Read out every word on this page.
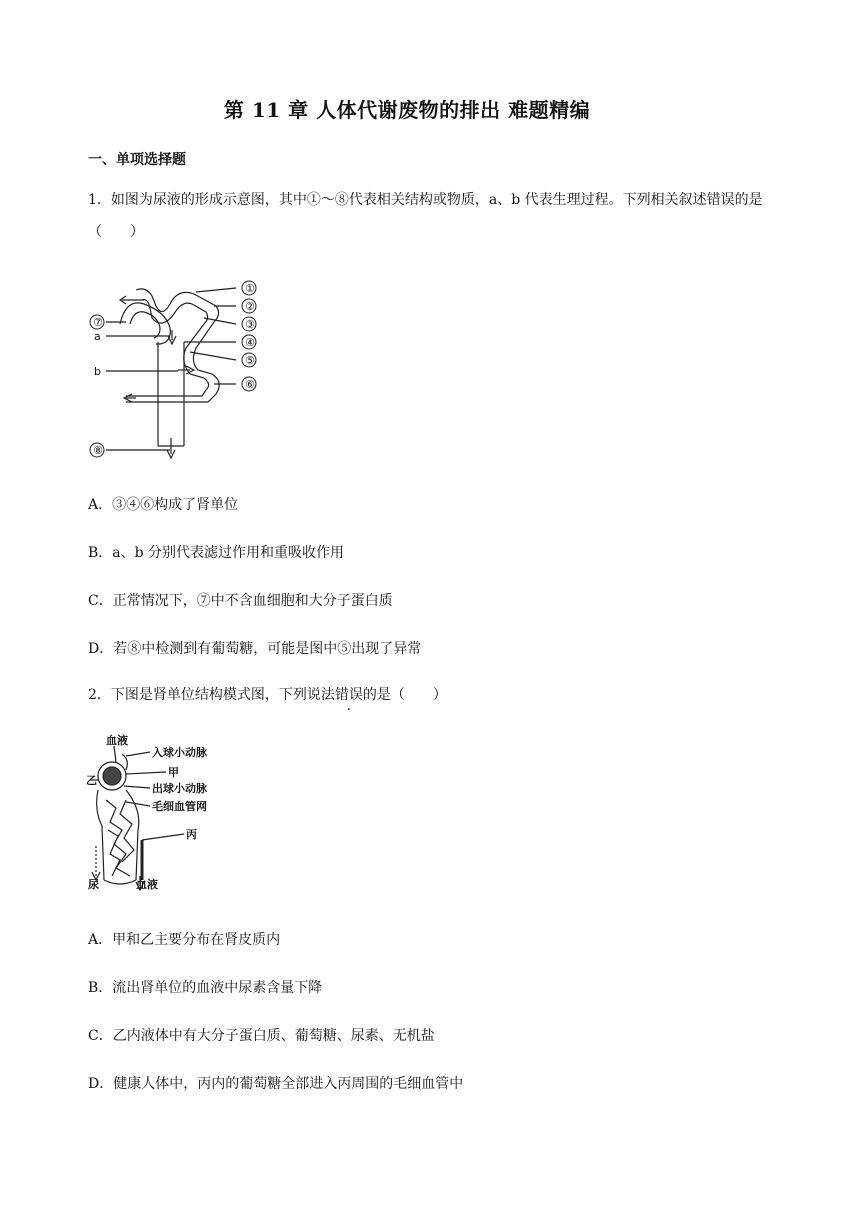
第 11 章 人体代谢废物的排出 难题精编
一、单项选择题
1．如图为尿液的形成示意图，其中①～⑧代表相关结构或物质，a、b 代表生理过程。下列相关叙述错误的是（　　）
①
②
③
④
⑤
⑥
⑦
⑧
a
b
A．③④⑥构成了肾单位
B．a、b 分别代表滤过作用和重吸收作用
C．正常情况下，⑦中不含血细胞和大分子蛋白质
D．若⑧中检测到有葡萄糖，可能是图中⑤出现了异常
2．下图是肾单位结构模式图，下列说法错误的是（　　）
血液
入球小动脉
甲
乙
出球小动脉
毛细血管网
丙
尿	血液
A．甲和乙主要分布在肾皮质内
B．流出肾单位的血液中尿素含量下降
C．乙内液体中有大分子蛋白质、葡萄糖、尿素、无机盐
D．健康人体中，丙内的葡萄糖全部进入丙周围的毛细血管中
